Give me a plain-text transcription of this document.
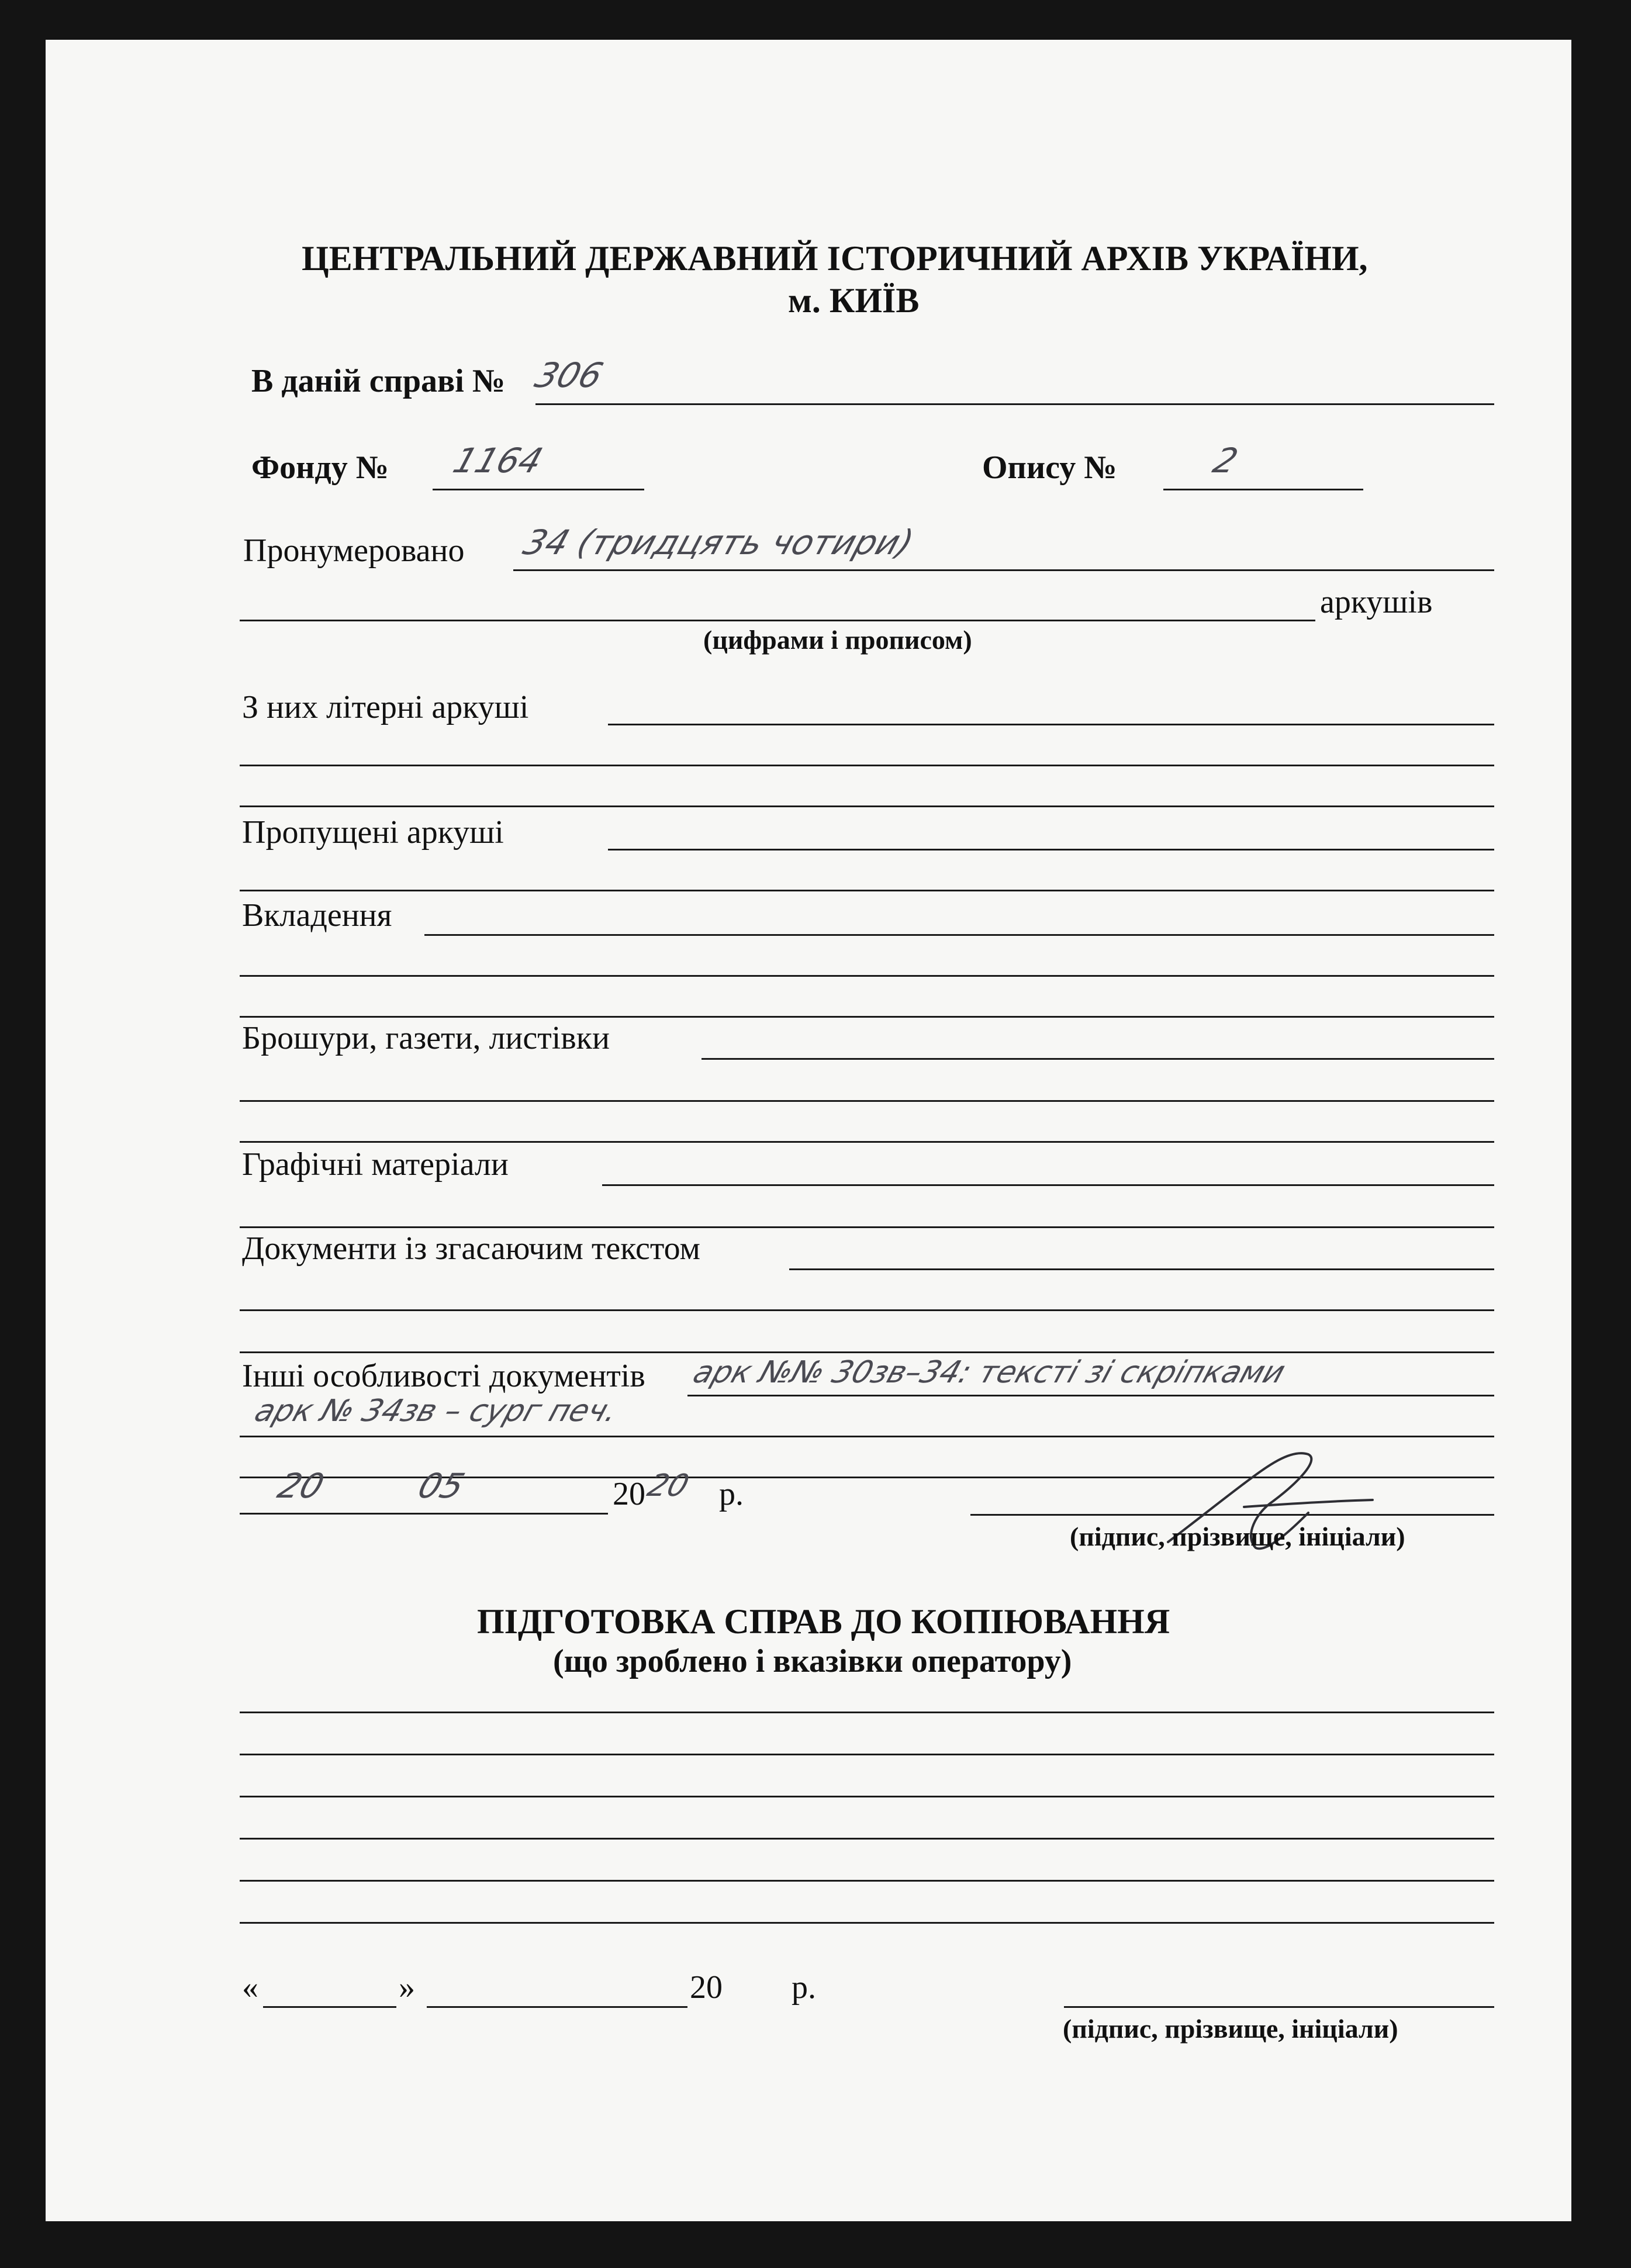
ЦЕНТРАЛЬНИЙ ДЕРЖАВНИЙ ІСТОРИЧНИЙ АРХІВ УКРАЇНИ,
м. КИЇВ
В даній справі № 306
Фонду № 1164	Опису №	2
Пронумеровано 34 (тридцять чотири)
аркушів
(цифрами і прописом)
З них літерні аркуші
Пропущені аркуші
Вкладення
Брошури, газети, листівки
Графічні матеріали
Документи із згасаючим текстом
Інші особливості документів арк №№ 30зв–34: тексті зі скріпками
арк № 34зв – сург печ.
20 05	20
20 р.
(підпис, прізвище, ініціали)
ПІДГОТОВКА СПРАВ ДО КОПІЮВАННЯ
(що зроблено і вказівки оператору)
«	»	20 р.
(підпис, прізвище, ініціали)
